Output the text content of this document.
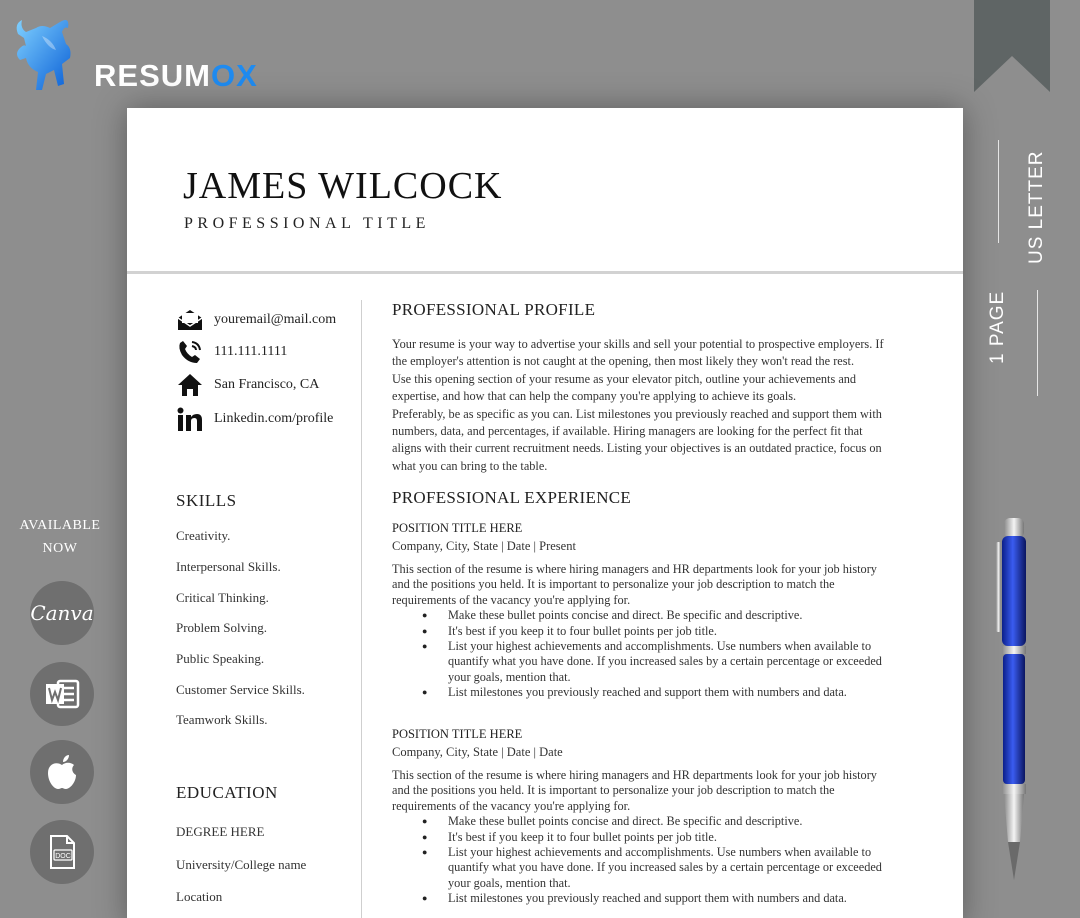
RESUMOX
US LETTER
1 PAGE
AVAILABLE
NOW
Canva
DOC
JAMES WILCOCK
PROFESSIONAL TITLE
youremail@mail.com
111.111.1111
San Francisco, CA
Linkedin.com/profile
SKILLS
Creativity.
Interpersonal Skills.
Critical Thinking.
Problem Solving.
Public Speaking.
Customer Service Skills.
Teamwork Skills.
EDUCATION
DEGREE HERE
University/College name
Location
PROFESSIONAL PROFILE
Your resume is your way to advertise your skills and sell your potential to prospective employers. If
the employer's attention is not caught at the opening, then most likely they won't read the rest.
Use this opening section of your resume as your elevator pitch, outline your achievements and
expertise, and how that can help the company you're applying to achieve its goals.
Preferably, be as specific as you can. List milestones you previously reached and support them with
numbers, data, and percentages, if available. Hiring managers are looking for the perfect fit that
aligns with their current recruitment needs. Listing your objectives is an outdated practice, focus on
what you can bring to the table.
PROFESSIONAL EXPERIENCE
POSITION TITLE HERE
Company, City, State | Date | Present
This section of the resume is where hiring managers and HR departments look for your job history
and the positions you held. It is important to personalize your job description to match the
requirements of the vacancy you're applying for.
● Make these bullet points concise and direct. Be specific and descriptive.
● It's best if you keep it to four bullet points per job title.
● List your highest achievements and accomplishments. Use numbers when available to
quantify what you have done. If you increased sales by a certain percentage or exceeded
your goals, mention that.
● List milestones you previously reached and support them with numbers and data.
POSITION TITLE HERE
Company, City, State | Date | Date
This section of the resume is where hiring managers and HR departments look for your job history
and the positions you held. It is important to personalize your job description to match the
requirements of the vacancy you're applying for.
● Make these bullet points concise and direct. Be specific and descriptive.
● It's best if you keep it to four bullet points per job title.
● List your highest achievements and accomplishments. Use numbers when available to
quantify what you have done. If you increased sales by a certain percentage or exceeded
your goals, mention that.
● List milestones you previously reached and support them with numbers and data.
